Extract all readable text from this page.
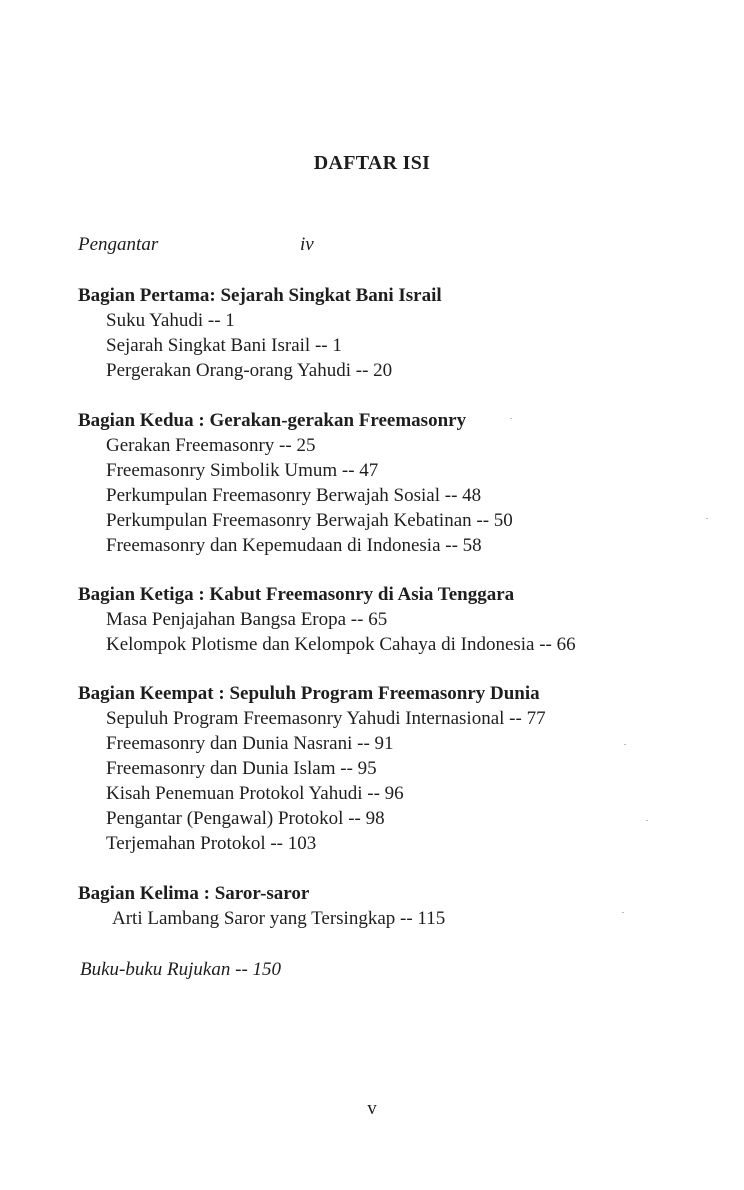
DAFTAR ISI
Pengantar	iv
Bagian Pertama: Sejarah Singkat Bani Israil
Suku Yahudi -- 1
Sejarah Singkat Bani Israil -- 1
Pergerakan Orang-orang Yahudi -- 20
Bagian Kedua : Gerakan-gerakan Freemasonry
Gerakan Freemasonry -- 25
Freemasonry Simbolik Umum -- 47
Perkumpulan Freemasonry Berwajah Sosial -- 48
Perkumpulan Freemasonry Berwajah Kebatinan -- 50
Freemasonry dan Kepemudaan di Indonesia -- 58
Bagian Ketiga : Kabut Freemasonry di Asia Tenggara
Masa Penjajahan Bangsa Eropa -- 65
Kelompok Plotisme dan Kelompok Cahaya di Indonesia -- 66
Bagian Keempat : Sepuluh Program Freemasonry Dunia
Sepuluh Program Freemasonry Yahudi Internasional -- 77
Freemasonry dan Dunia Nasrani -- 91
Freemasonry dan Dunia Islam -- 95
Kisah Penemuan Protokol Yahudi -- 96
Pengantar (Pengawal) Protokol -- 98
Terjemahan Protokol -- 103
Bagian Kelima : Saror-saror
Arti Lambang Saror yang Tersingkap -- 115
Buku-buku Rujukan -- 150
v
